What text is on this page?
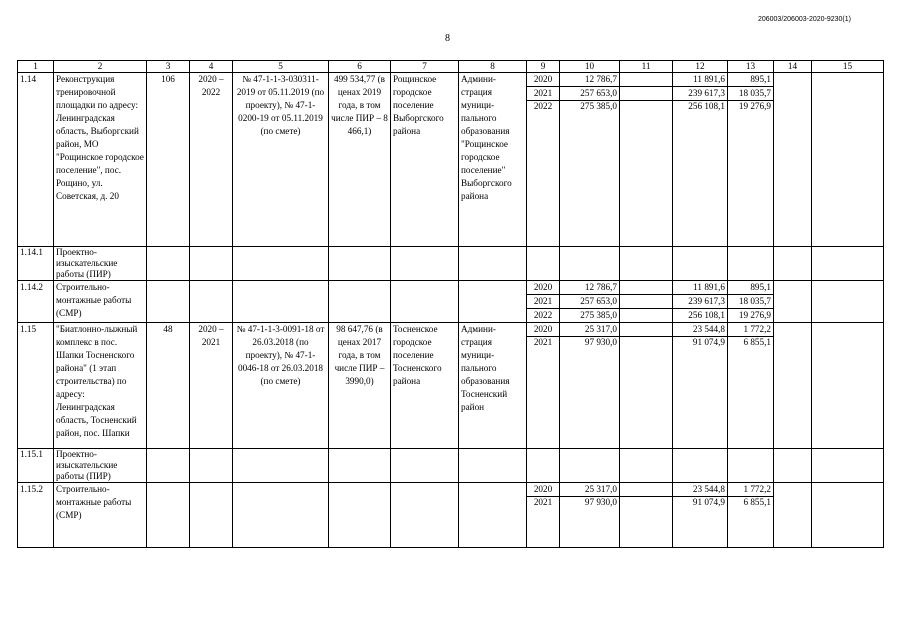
206003/206003-2020-9230(1)
8
1	2	3	4	5	6	7	8	9	10	11	12	13	14	15
1.14	Реконструкция тренировочной площадки по адресу: Ленинградская область, Выборгский район, МО "Рощинское городское поселение", пос. Рощино, ул. Советская, д. 20	106	2020 – 2022	№ 47-1-1-3-030311-2019 от 05.11.2019 (по проекту), № 47-1-0200-19 от 05.11.2019 (по смете)	499 534,77 (в ценах 2019 года, в том числе ПИР – 8 466,1)	Рощинское городское поселение Выборгского района	Админи-страция муници-пального образования "Рощинское городское поселение" Выборгского района	2020	12 786,7		11 891,6	895,1		
								2021	257 653,0		239 617,3	18 035,7		
								2022	275 385,0		256 108,1	19 276,9		
1.14.1	Проектно-изыскательские работы (ПИР)													
1.14.2	Строительно-монтажные работы (СМР)							2020	12 786,7		11 891,6	895,1		
								2021	257 653,0		239 617,3	18 035,7		
								2022	275 385,0		256 108,1	19 276,9		
1.15	"Биатлонно-лыжный комплекс в пос. Шапки Тосненского района" (1 этап строительства) по адресу: Ленинградская область, Тосненский район, пос. Шапки	48	2020 – 2021	№ 47-1-1-3-0091-18 от 26.03.2018 (по проекту), № 47-1-0046-18 от 26.03.2018 (по смете)	98 647,76 (в ценах 2017 года, в том числе ПИР – 3990,0)	Тосненское городское поселение Тосненского района	Админи-страция муници-пального образования Тосненский район	2020	25 317,0		23 544,8	1 772,2		
								2021	97 930,0		91 074,9	6 855,1		
1.15.1	Проектно-изыскательские работы (ПИР)													
1.15.2	Строительно-монтажные работы (СМР)							2020	25 317,0		23 544,8	1 772,2		
								2021	97 930,0		91 074,9	6 855,1		
